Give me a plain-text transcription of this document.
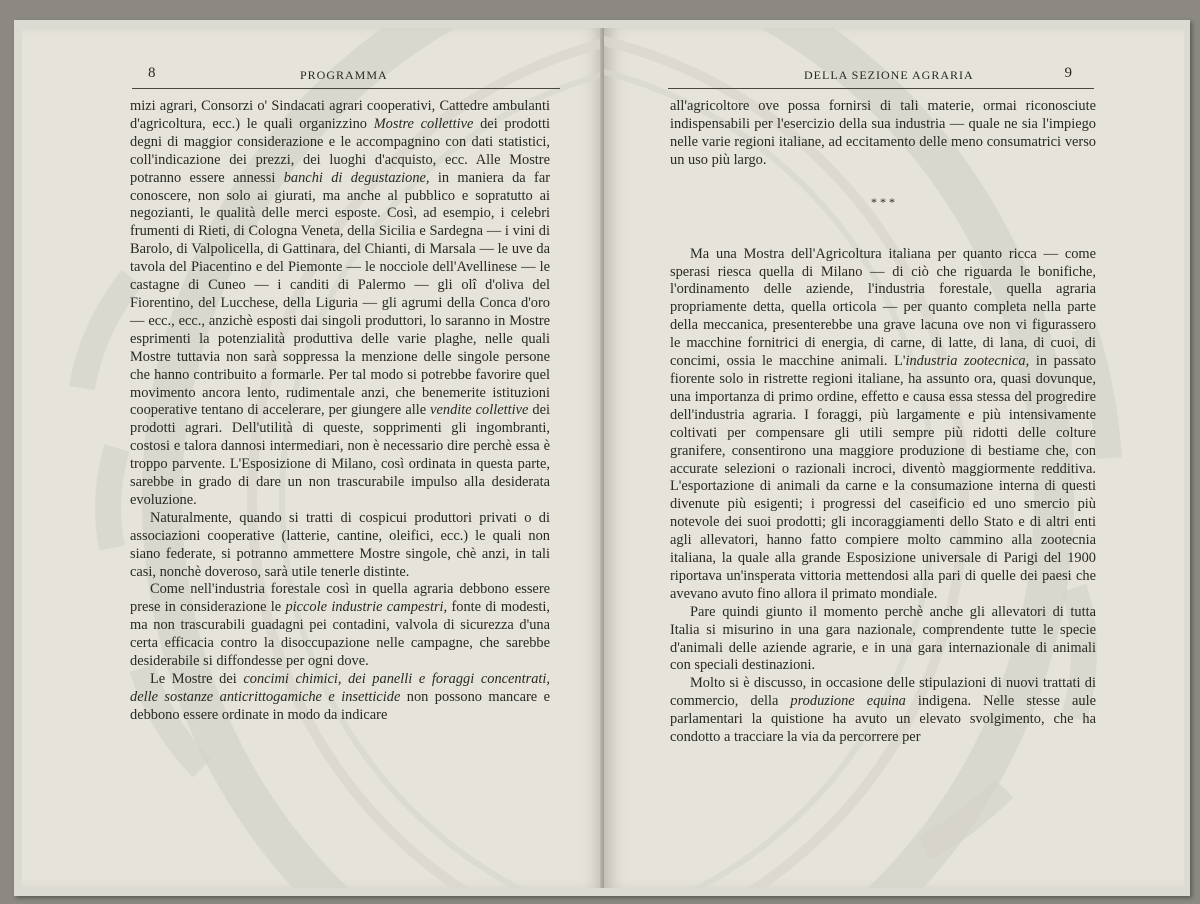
8	PROGRAMMA

mizi agrari, Consorzi o' Sindacati agrari cooperativi, Cattedre ambulanti d'agricoltura, ecc.) le quali organizzino Mostre collettive dei prodotti degni di maggior considerazione e le accompagnino con dati statistici, coll'indicazione dei prezzi, dei luoghi d'acquisto, ecc. Alle Mostre potranno essere annessi banchi di degustazione, in maniera da far conoscere, non solo ai giurati, ma anche al pubblico e sopratutto ai negozianti, le qualità delle merci esposte. Così, ad esempio, i celebri frumenti di Rieti, di Cologna Veneta, della Sicilia e Sardegna — i vini di Barolo, di Valpolicella, di Gattinara, del Chianti, di Marsala — le uve da tavola del Piacentino e del Piemonte — le nocciole dell'Avellinese — le castagne di Cuneo — i canditi di Palermo — gli olî d'oliva del Fiorentino, del Lucchese, della Liguria — gli agrumi della Conca d'oro — ecc., ecc., anzichè esposti dai singoli produttori, lo saranno in Mostre esprimenti la potenzialità produttiva delle varie plaghe, nelle quali Mostre tuttavia non sarà soppressa la menzione delle singole persone che hanno contribuito a formarle. Per tal modo si potrebbe favorire quel movimento ancora lento, rudimentale anzi, che benemerite istituzioni cooperative tentano di accelerare, per giungere alle vendite collettive dei prodotti agrari. Dell'utilità di queste, sopprimenti gli ingombranti, costosi e talora dannosi intermediari, non è necessario dire perchè essa è troppo parvente. L'Esposizione di Milano, così ordinata in questa parte, sarebbe in grado di dare un non trascurabile impulso alla desiderata evoluzione.

Naturalmente, quando si tratti di cospicui produttori privati o di associazioni cooperative (latterie, cantine, oleifici, ecc.) le quali non siano federate, si potranno ammettere Mostre singole, chè anzi, in tali casi, nonchè doveroso, sarà utile tenerle distinte.

Come nell'industria forestale così in quella agraria debbono essere prese in considerazione le piccole industrie campestri, fonte di modesti, ma non trascurabili guadagni pei contadini, valvola di sicurezza d'una certa efficacia contro la disoccupazione nelle campagne, che sarebbe desiderabile si diffondesse per ogni dove.

Le Mostre dei concimi chimici, dei panelli e foraggi concentrati, delle sostanze anticrittogamiche e insetticide non possono mancare e debbono essere ordinate in modo da indicare

DELLA SEZIONE AGRARIA	9

all'agricoltore ove possa fornirsi di tali materie, ormai riconosciute indispensabili per l'esercizio della sua industria — quale ne sia l'impiego nelle varie regioni italiane, ad eccitamento delle meno consumatrici verso un uso più largo.

* * *

Ma una Mostra dell'Agricoltura italiana per quanto ricca — come sperasi riesca quella di Milano — di ciò che riguarda le bonifiche, l'ordinamento delle aziende, l'industria forestale, quella agraria propriamente detta, quella orticola — per quanto completa nella parte della meccanica, presenterebbe una grave lacuna ove non vi figurassero le macchine fornitrici di energia, di carne, di latte, di lana, di cuoi, di concimi, ossia le macchine animali. L'industria zootecnica, in passato fiorente solo in ristrette regioni italiane, ha assunto ora, quasi dovunque, una importanza di primo ordine, effetto e causa essa stessa del progredire dell'industria agraria. I foraggi, più largamente e più intensivamente coltivati per compensare gli utili sempre più ridotti delle colture granifere, consentirono una maggiore produzione di bestiame che, con accurate selezioni o razionali incroci, diventò maggiormente redditiva. L'esportazione di animali da carne e la consumazione interna di questi divenute più esigenti; i progressi del caseificio ed uno smercio più notevole dei suoi prodotti; gli incoraggiamenti dello Stato e di altri enti agli allevatori, hanno fatto compiere molto cammino alla zootecnia italiana, la quale alla grande Esposizione universale di Parigi del 1900 riportava un'insperata vittoria mettendosi alla pari di quelle dei paesi che avevano avuto fino allora il primato mondiale.

Pare quindi giunto il momento perchè anche gli allevatori di tutta Italia si misurino in una gara nazionale, comprendente tutte le specie d'animali delle aziende agrarie, e in una gara internazionale di animali con speciali destinazioni.

Molto si è discusso, in occasione delle stipulazioni di nuovi trattati di commercio, della produzione equina indigena. Nelle stesse aule parlamentari la quistione ha avuto un elevato svolgimento, che ha condotto a tracciare la via da percorrere per
